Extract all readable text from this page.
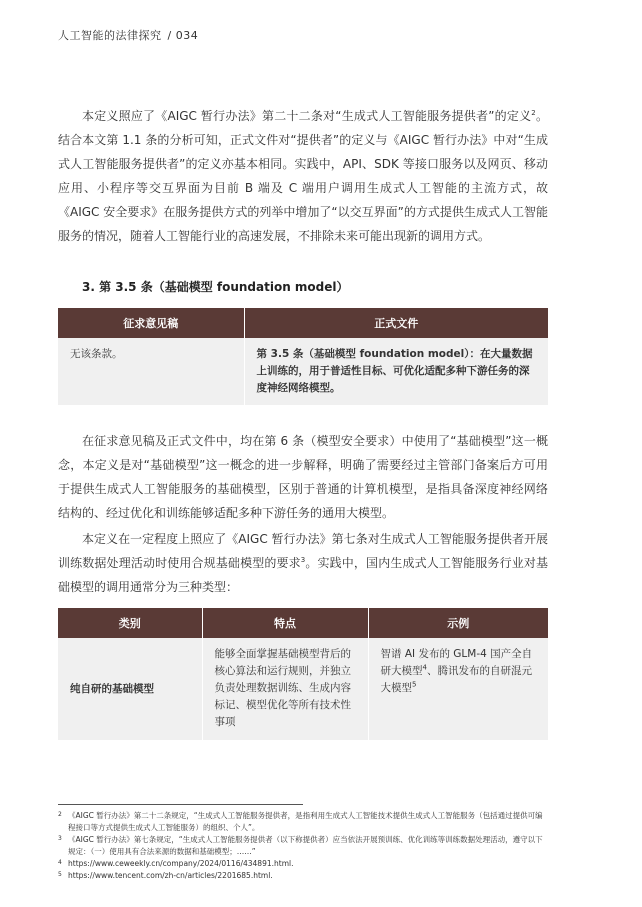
人工智能的法律探究 / 034

本定义照应了《AIGC 暂行办法》第二十二条对“生成式人工智能服务提供者”的定义$^2$。结合本文第 1.1 条的分析可知，正式文件对“提供者”的定义与《AIGC 暂行办法》中对“生成式人工智能服务提供者”的定义亦基本相同。实践中，API、SDK 等接口服务以及网页、移动应用、小程序等交互界面为目前 B 端及 C 端用户调用生成式人工智能的主流方式，故《AIGC 安全要求》在服务提供方式的列举中增加了“以交互界面”的方式提供生成式人工智能服务的情况，随着人工智能行业的高速发展，不排除未来可能出现新的调用方式。

3. 第 3.5 条（基础模型 foundation model）
征求意见稿	正式文件
无该条款。	第 3.5 条（基础模型 foundation model）：在大量数据上训练的，用于普适性目标、可优化适配多种下游任务的深度神经网络模型。

在征求意见稿及正式文件中，均在第 6 条（模型安全要求）中使用了“基础模型”这一概念，本定义是对“基础模型”这一概念的进一步解释，明确了需要经过主管部门备案后方可用于提供生成式人工智能服务的基础模型，区别于普通的计算机模型，是指具备深度神经网络结构的、经过优化和训练能够适配多种下游任务的通用大模型。

本定义在一定程度上照应了《AIGC 暂行办法》第七条对生成式人工智能服务提供者开展训练数据处理活动时使用合规基础模型的要求$^3$。实践中，国内生成式人工智能服务行业对基础模型的调用通常分为三种类型：

类别	特点	示例
纯自研的基础模型	能够全面掌握基础模型背后的核心算法和运行规则，并独立负责处理数据训练、生成内容标记、模型优化等所有技术性事项	智谱 AI 发布的 GLM-4 国产全自研大模型$^4$、腾讯发布的自研混元大模型$^5$
2 《AIGC 暂行办法》第二十二条规定，“生成式人工智能服务提供者，是指利用生成式人工智能技术提供生成式人工智能服务（包括通过提供可编程接口等方式提供生成式人工智能服务）的组织、个人”。
3 《AIGC 暂行办法》第七条规定，“生成式人工智能服务提供者（以下称提供者）应当依法开展预训练、优化训练等训练数据处理活动，遵守以下规定：（一）使用具有合法来源的数据和基础模型；……”
4 https://www.ceweekly.cn/company/2024/0116/434891.html.
5 https://www.tencent.com/zh-cn/articles/2201685.html.
